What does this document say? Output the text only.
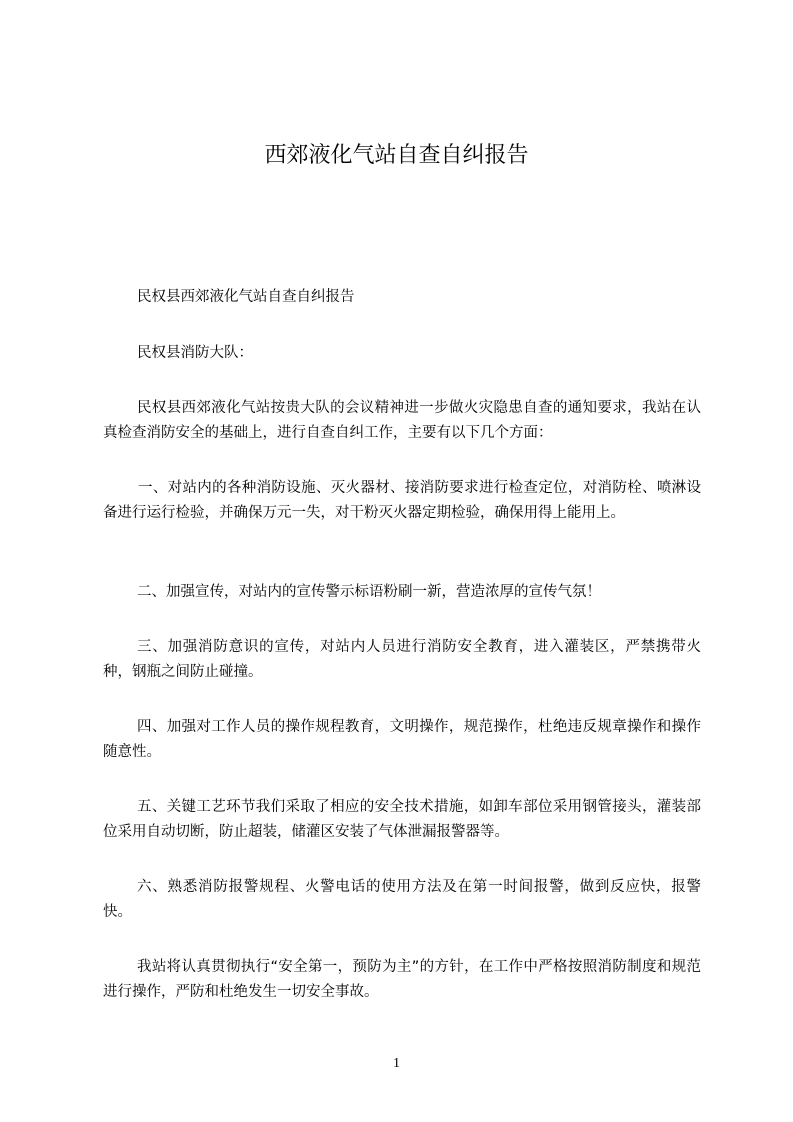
西郊液化气站自查自纠报告

民权县西郊液化气站自查自纠报告

民权县消防大队：

民权县西郊液化气站按贵大队的会议精神进一步做火灾隐患自查的通知要求，我站在认真检查消防安全的基础上，进行自查自纠工作，主要有以下几个方面：

一、对站内的各种消防设施、灭火器材、接消防要求进行检查定位，对消防栓、喷淋设备进行运行检验，并确保万元一失，对干粉灭火器定期检验，确保用得上能用上。

二、加强宣传，对站内的宣传警示标语粉刷一新，营造浓厚的宣传气氛！

三、加强消防意识的宣传，对站内人员进行消防安全教育，进入灌装区，严禁携带火种，钢瓶之间防止碰撞。

四、加强对工作人员的操作规程教育，文明操作，规范操作，杜绝违反规章操作和操作随意性。

五、关键工艺环节我们采取了相应的安全技术措施，如卸车部位采用钢管接头，灌装部位采用自动切断，防止超装，储灌区安装了气体泄漏报警器等。

六、熟悉消防报警规程、火警电话的使用方法及在第一时间报警，做到反应快，报警快。

我站将认真贯彻执行“安全第一，预防为主”的方针，在工作中严格按照消防制度和规范进行操作，严防和杜绝发生一切安全事故。

1
